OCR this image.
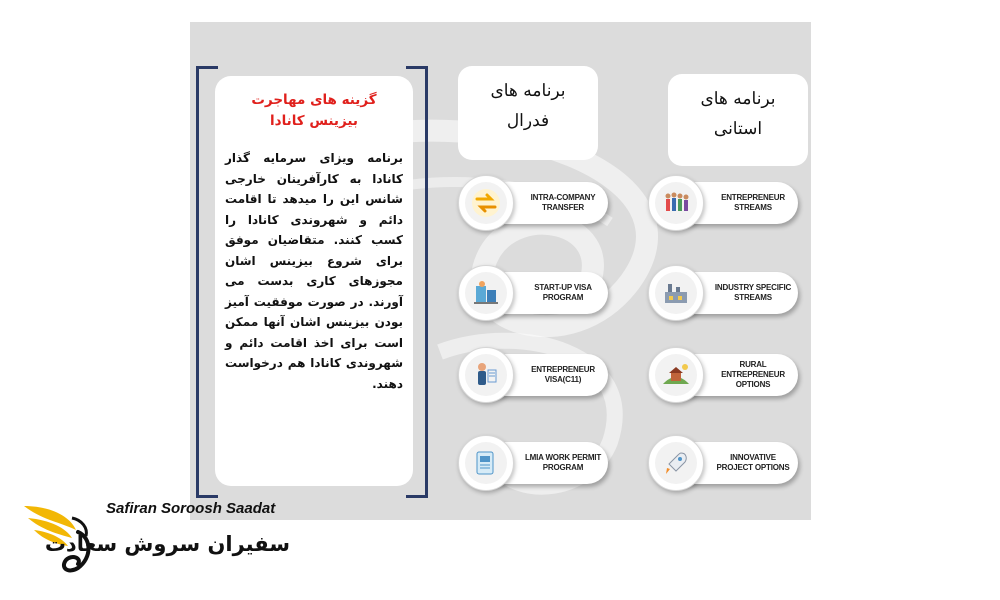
گزینه های مهاجرت بیزینس کانادا
برنامه ویزای سرمایه گذار کانادا به کارآفرینان خارجی شانس این را میدهد تا اقامت دائم و شهروندی کانادا را کسب کنند. متقاضیان موفق برای شروع بیزینس اشان مجوزهای کاری بدست می آورند. در صورت موفقیت آمیز بودن بیزینس اشان آنها ممکن است برای اخذ اقامت دائم و شهروندی کانادا هم درخواست دهند.
برنامه های
فدرال
برنامه های
استانی
INTRA-COMPANY TRANSFER
START-UP VISA PROGRAM
ENTREPRENEUR VISA(C11)
LMIA WORK PERMIT PROGRAM
ENTREPRENEUR STREAMS
INDUSTRY SPECIFIC STREAMS
RURAL ENTREPRENEUR OPTIONS
INNOVATIVE PROJECT OPTIONS
Safiran Soroosh Saadat
سفیران سروش سعادت
